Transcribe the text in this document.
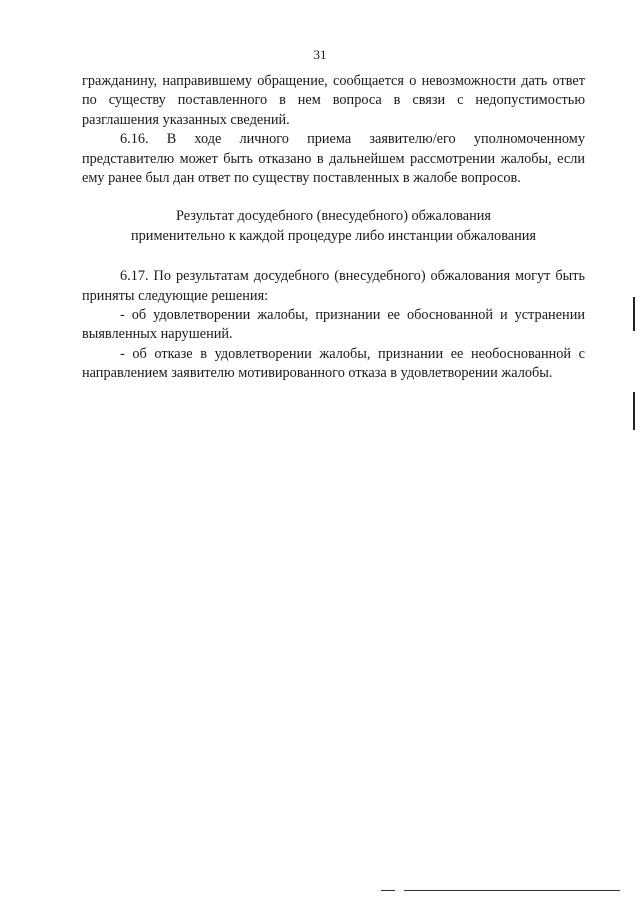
31

гражданину, направившему обращение, сообщается о невозможности дать ответ по существу поставленного в нем вопроса в связи с недопустимостью разглашения указанных сведений.

6.16. В ходе личного приема заявителю/его уполномоченному представителю может быть отказано в дальнейшем рассмотрении жалобы, если ему ранее был дан ответ по существу поставленных в жалобе вопросов.

Результат досудебного (внесудебного) обжалования
применительно к каждой процедуре либо инстанции обжалования

6.17. По результатам досудебного (внесудебного) обжалования могут быть приняты следующие решения:

- об удовлетворении жалобы, признании ее обоснованной и устранении выявленных нарушений.

- об отказе в удовлетворении жалобы, признании ее необоснованной с направлением заявителю мотивированного отказа в удовлетворении жалобы.
